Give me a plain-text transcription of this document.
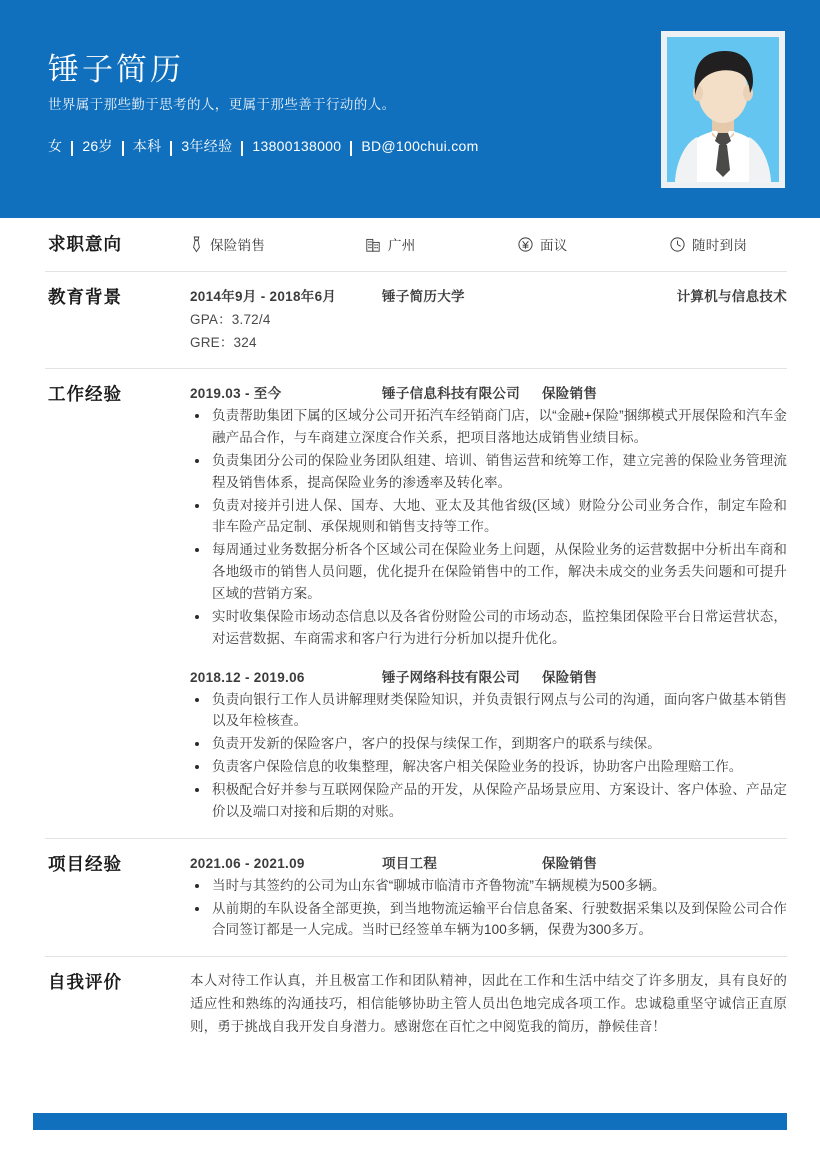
锤子简历
世界属于那些勤于思考的人，更属于那些善于行动的人。
女 26岁 本科 3年经验 13800138000 BD@100chui.com
求职意向	保险销售	广州	面议	随时到岗
教育背景	2014年9月 - 2018年6月	锤子简历大学	计算机与信息技术
GPA：3.72/4
GRE：324
工作经验	2019.03 - 至今	锤子信息科技有限公司	保险销售
负责帮助集团下属的区域分公司开拓汽车经销商门店，以“金融+保险”捆绑模式开展保险和汽车金融产品合作，与车商建立深度合作关系，把项目落地达成销售业绩目标。
负责集团分公司的保险业务团队组建、培训、销售运营和统筹工作，建立完善的保险业务管理流程及销售体系，提高保险业务的渗透率及转化率。
负责对接并引进人保、国寿、大地、亚太及其他省级(区域）财险分公司业务合作，制定车险和非车险产品定制、承保规则和销售支持等工作。
每周通过业务数据分析各个区域公司在保险业务上问题，从保险业务的运营数据中分析出车商和各地级市的销售人员问题，优化提升在保险销售中的工作，解决未成交的业务丢失问题和可提升区域的营销方案。
实时收集保险市场动态信息以及各省份财险公司的市场动态，监控集团保险平台日常运营状态，对运营数据、车商需求和客户行为进行分析加以提升优化。
2018.12 - 2019.06	锤子网络科技有限公司	保险销售
负责向银行工作人员讲解理财类保险知识，并负责银行网点与公司的沟通，面向客户做基本销售以及年检核查。
负责开发新的保险客户，客户的投保与续保工作，到期客户的联系与续保。
负责客户保险信息的收集整理，解决客户相关保险业务的投诉，协助客户出险理赔工作。
积极配合好并参与互联网保险产品的开发，从保险产品场景应用、方案设计、客户体验、产品定价以及端口对接和后期的对账。
项目经验	2021.06 - 2021.09	项目工程	保险销售
当时与其签约的公司为山东省“聊城市临清市齐鲁物流”车辆规模为500多辆。
从前期的车队设备全部更换，到当地物流运输平台信息备案、行驶数据采集以及到保险公司合作合同签订都是一人完成。当时已经签单车辆为100多辆，保费为300多万。
自我评价	本人对待工作认真，并且极富工作和团队精神，因此在工作和生活中结交了许多朋友，具有良好的适应性和熟练的沟通技巧，相信能够协助主管人员出色地完成各项工作。忠诚稳重坚守诚信正直原则，勇于挑战自我开发自身潜力。感谢您在百忙之中阅览我的简历，静候佳音！
